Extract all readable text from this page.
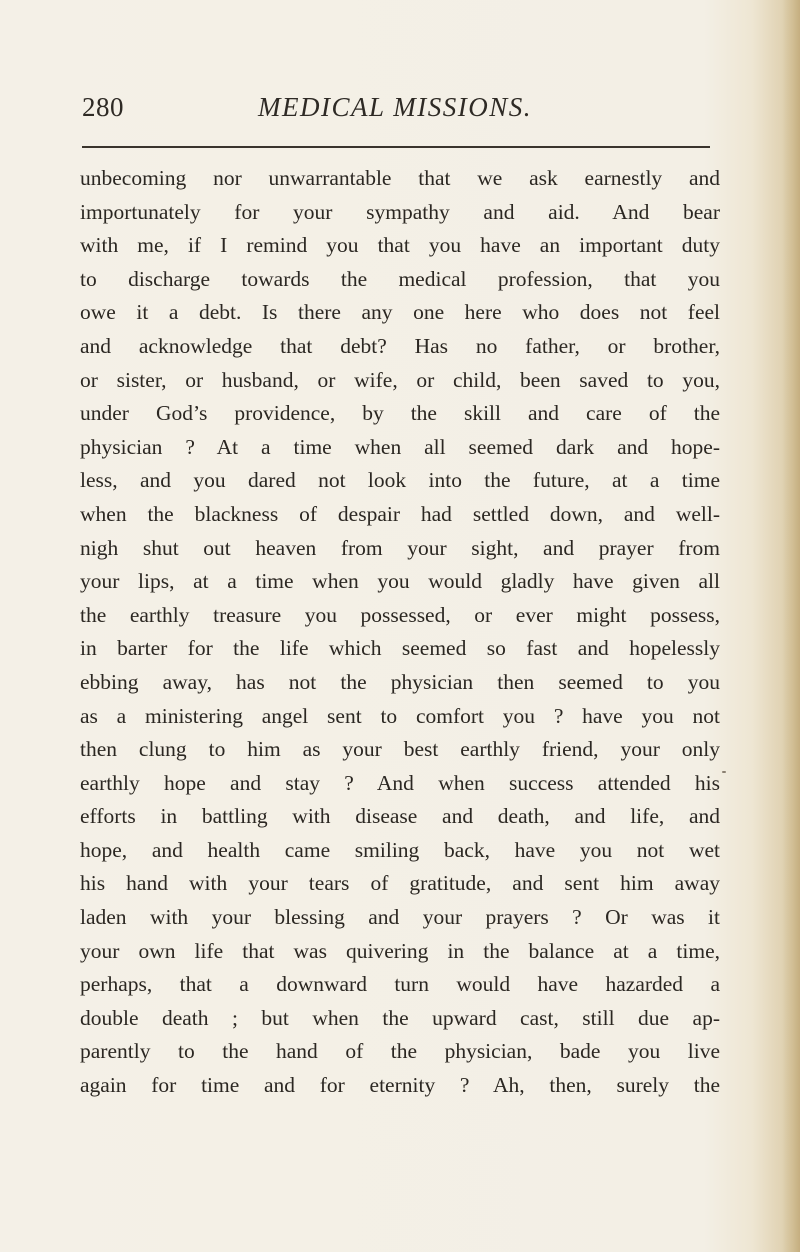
280	MEDICAL MISSIONS.

unbecoming nor unwarrantable that we ask earnestly and
importunately for your sympathy and aid. And bear
with me, if I remind you that you have an important duty
to discharge towards the medical profession, that you
owe it a debt. Is there any one here who does not feel
and acknowledge that debt? Has no father, or brother,
or sister, or husband, or wife, or child, been saved to you,
under God’s providence, by the skill and care of the
physician ? At a time when all seemed dark and hope-
less, and you dared not look into the future, at a time
when the blackness of despair had settled down, and well-
nigh shut out heaven from your sight, and prayer from
your lips, at a time when you would gladly have given all
the earthly treasure you possessed, or ever might possess,
in barter for the life which seemed so fast and hopelessly
ebbing away, has not the physician then seemed to you
as a ministering angel sent to comfort you ? have you not
then clung to him as your best earthly friend, your only
earthly hope and stay ? And when success attended his
efforts in battling with disease and death, and life, and
hope, and health came smiling back, have you not wet
his hand with your tears of gratitude, and sent him away
laden with your blessing and your prayers ? Or was it
your own life that was quivering in the balance at a time,
perhaps, that a downward turn would have hazarded a
double death ; but when the upward cast, still due ap-
parently to the hand of the physician, bade you live
again for time and for eternity ? Ah, then, surely the
